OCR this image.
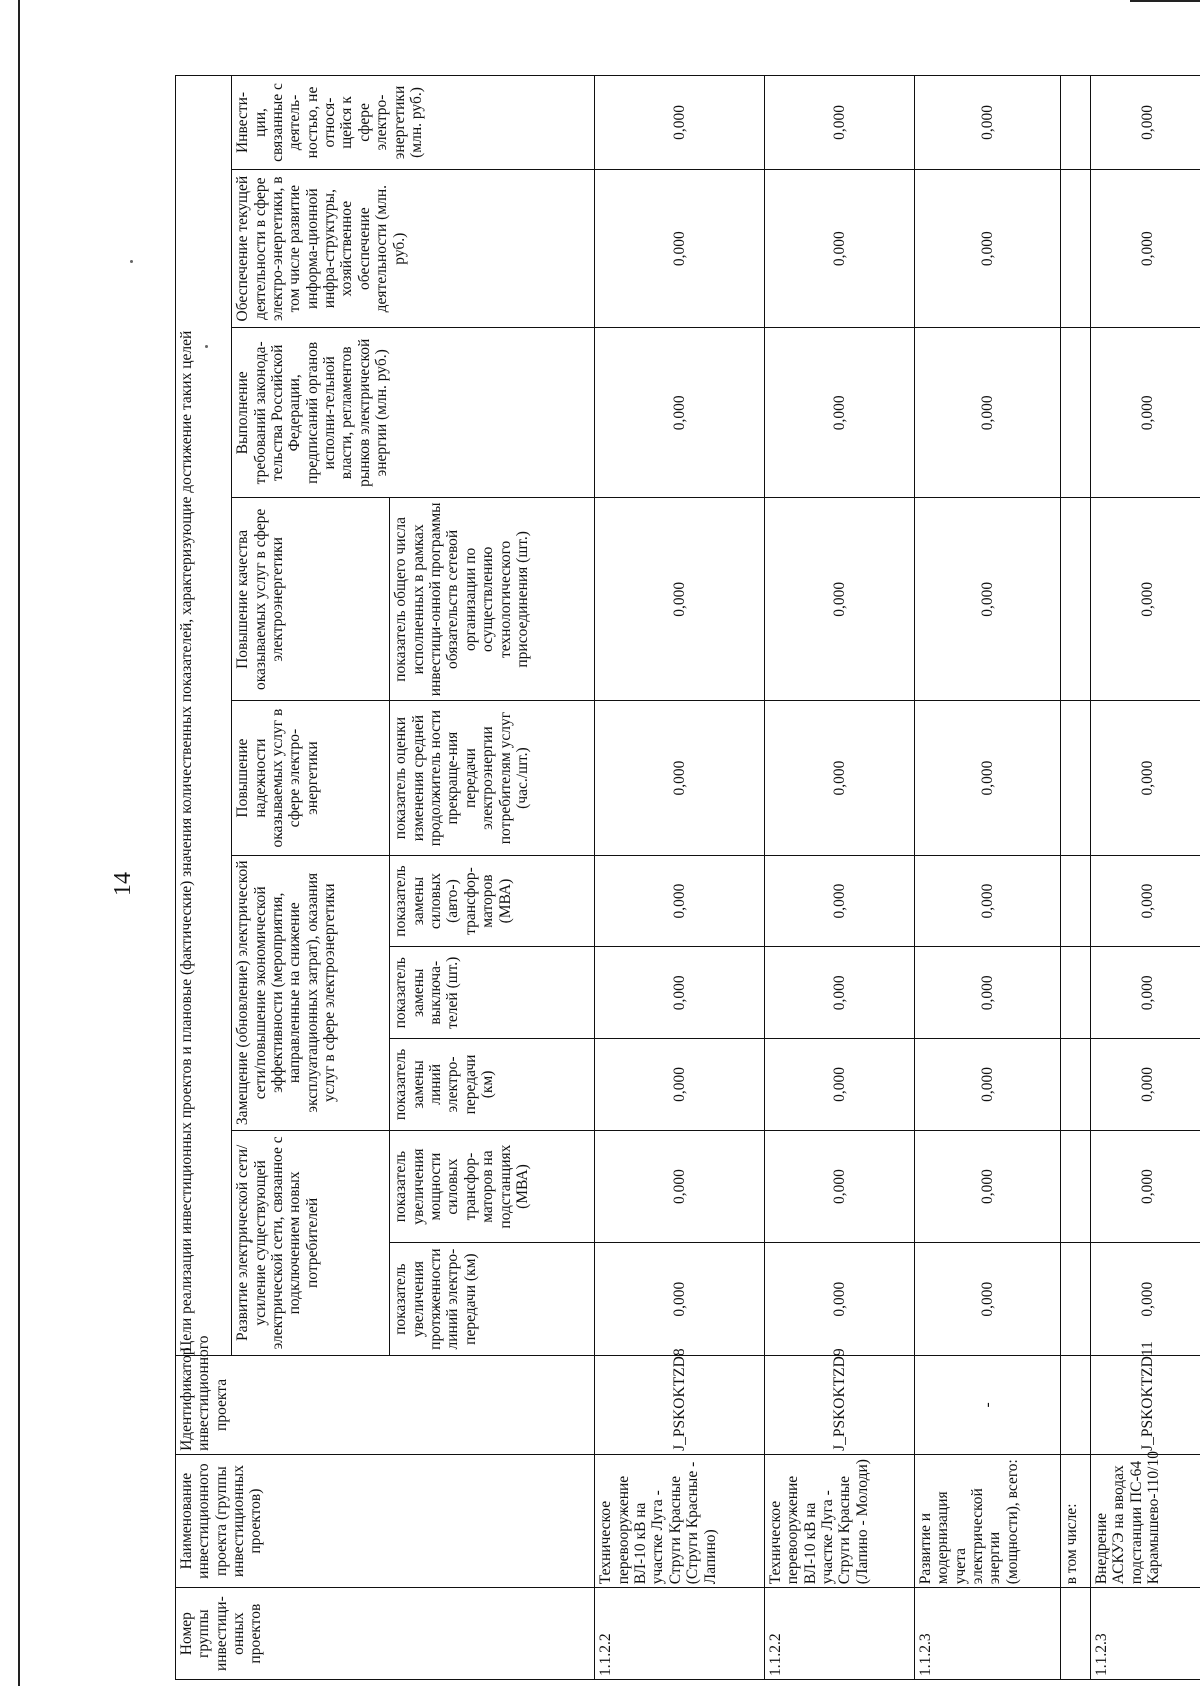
14
Номер группы инвестици-онных проектов	Наименование инвестиционного проекта (группы инвестиционных проектов)	Идентификатор инвестиционного проекта	Цели реализации инвестиционных проектов и плановые (фактические) значения количественных показателей, характеризующие достижение таких целей									
			Развитие электрической сети/усиление существующей электрической сети, связанное с подключением новых потребителей		Замещение (обновление) электрической сети/повышение экономической эффективности (мероприятия, направленные на снижение эксплуатационных затрат), оказания услуг в сфере электроэнергетики			Повышение надежности оказываемых услуг в сфере электро-энергетики	Повышение качества оказываемых услуг в сфере электроэнергетики	Выполнение требований законода-тельства Российской Федерации, предписаний органов исполни-тельной власти, регламентов рынков электрической энергии (млн. руб.)	Обеспечение текущей деятельности в сфере электро-энергетики, в том числе развитие информа-ционной инфра-структуры, хозяйственное обеспечение деятельности (млн. руб.)	Инвести-ции, связанные с деятель-ностью, не относя-щейся к сфере электро-энергетики (млн. руб.)
			показатель увеличения протяженности линий электро-передачи (км)	показатель увеличения мощности силовых трансфор-маторов на подстанциях (МВА)	показатель замены линий электро-передачи (км)	показатель замены выключа-телей (шт.)	показатель замены силовых (авто-) трансфор-маторов (МВА)	показатель оценки изменения средней продолжитель ности прекраще-ния передачи электроэнергии потребителям услуг (час./шт.)	показатель общего числа исполненных в рамках инвестици-онной программы обязательств сетевой организации по осуществлению технологического присоединения (шт.)			
1.1.2.2	Техническое перевооружение ВЛ-10 кВ на участке Луга - Струги Красные (Струги Красные - Лапино)	J_PSKOKTZD8	0,000	0,000	0,000	0,000	0,000	0,000	0,000	0,000	0,000	0,000
1.1.2.2	Техническое перевооружение ВЛ-10 кВ на участке Луга - Струги Красные (Лапино - Молоди)	J_PSKOKTZD9	0,000	0,000	0,000	0,000	0,000	0,000	0,000	0,000	0,000	0,000
1.1.2.3	Развитие и модернизация учета электрической энергии (мощности), всего:	-	0,000	0,000	0,000	0,000	0,000	0,000	0,000	0,000	0,000	0,000
	в том числе:											
1.1.2.3	Внедрение АСКУЭ на вводах подстанции ПС-64 Карамышево-110/10	J_PSKOKTZD11	0,000	0,000	0,000	0,000	0,000	0,000	0,000	0,000	0,000	0,000
